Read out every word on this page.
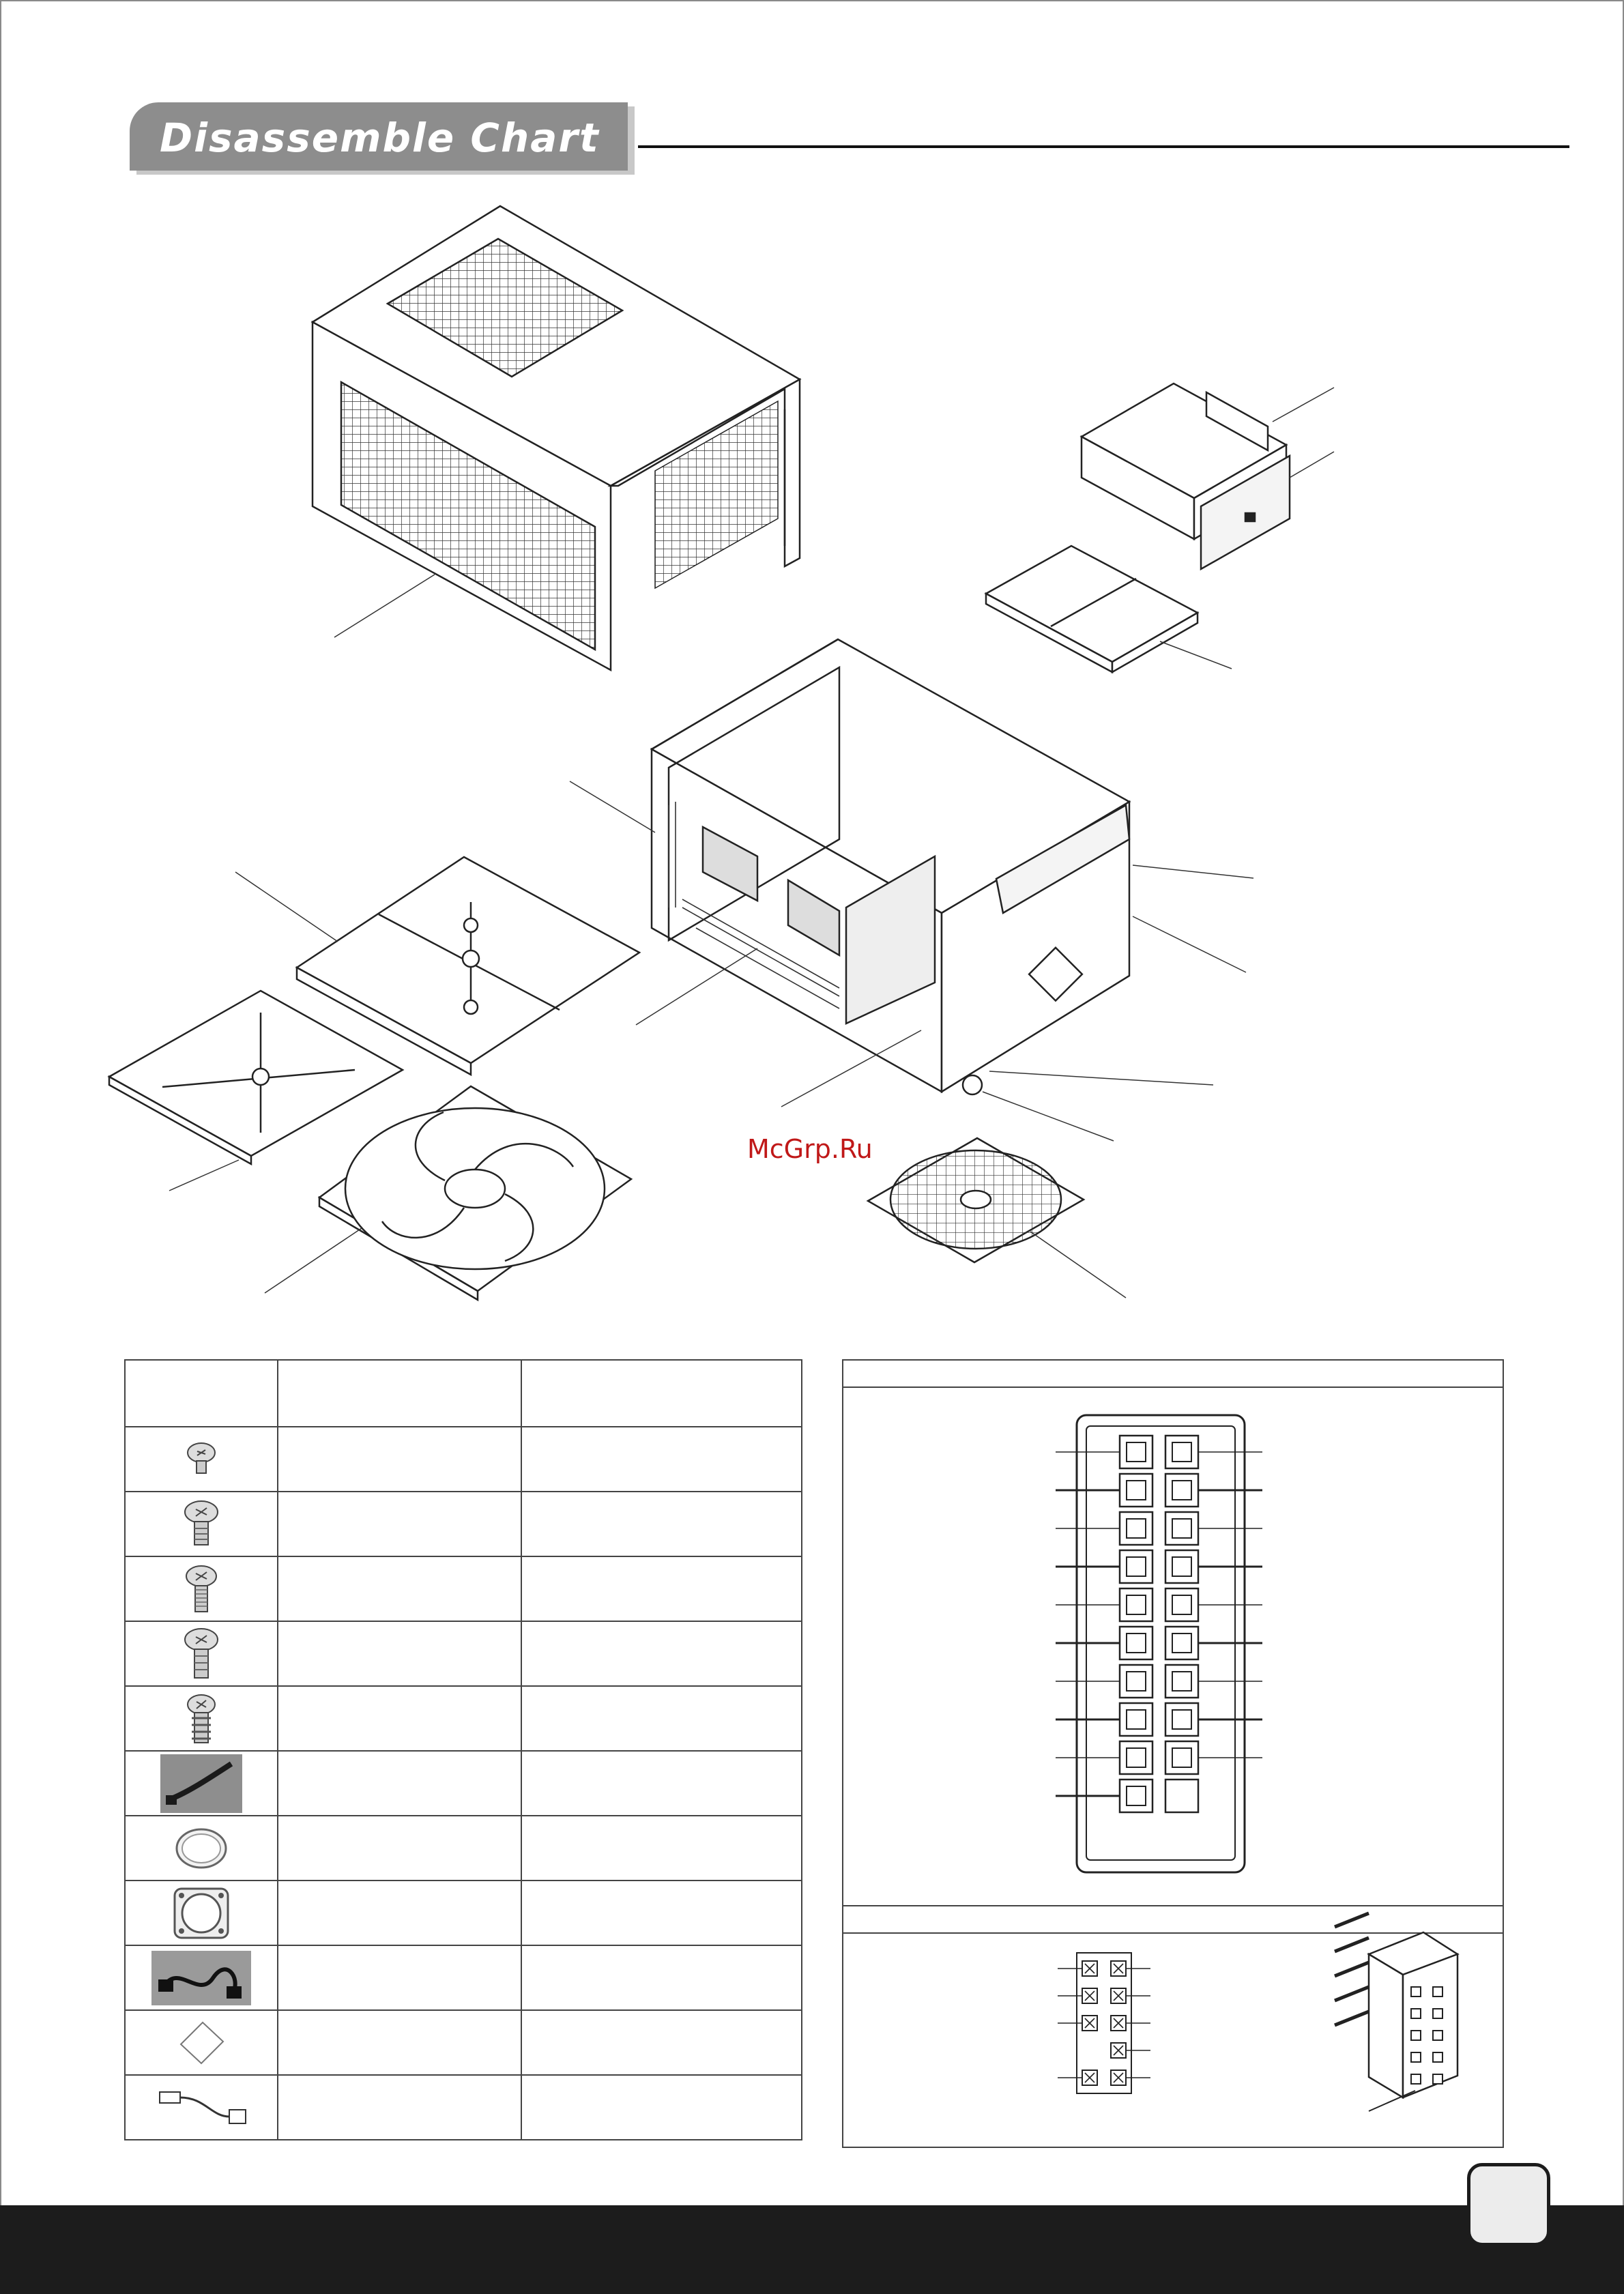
Disassemble Chart
McGrp.Ru
